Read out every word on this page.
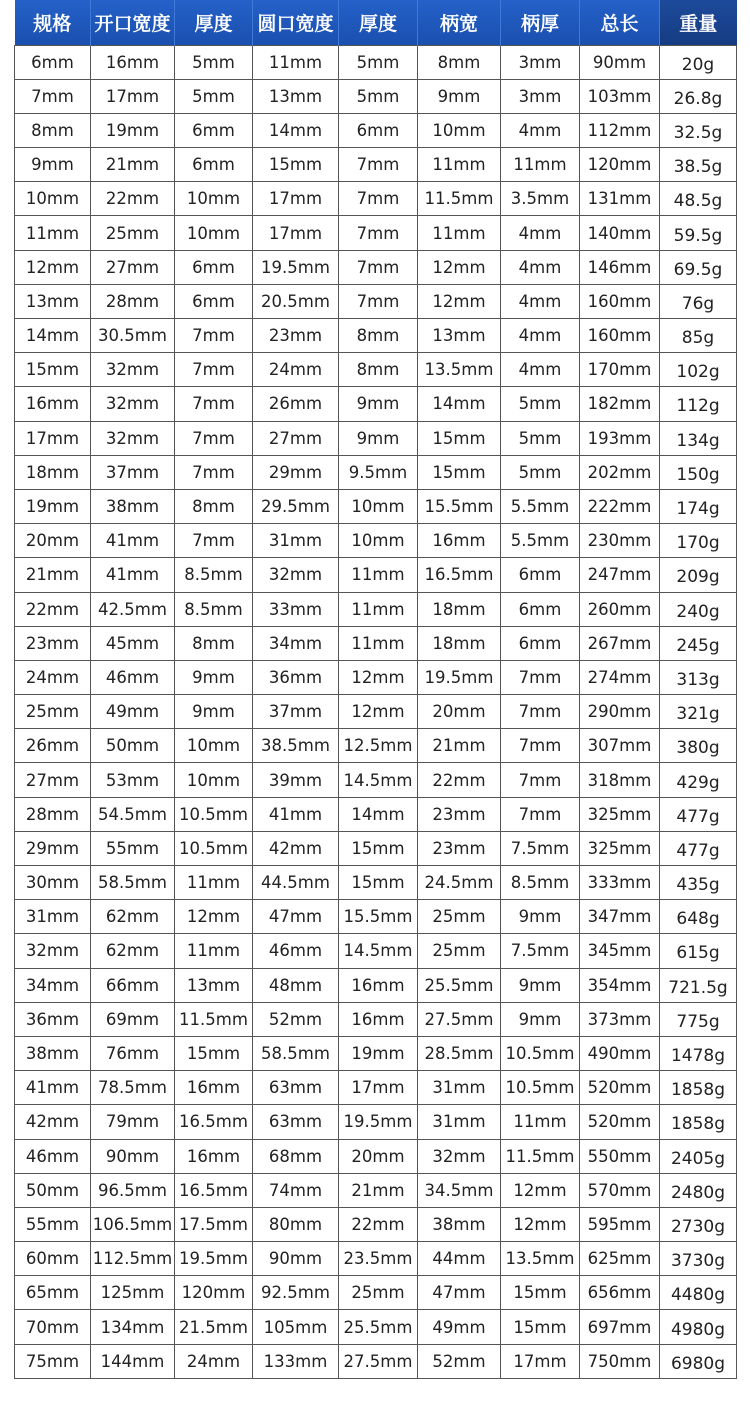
规格	开口宽度	厚度	圆口宽度	厚度	柄宽	柄厚	总长	重量
6mm	16mm	5mm	11mm	5mm	8mm	3mm	90mm	20g
7mm	17mm	5mm	13mm	5mm	9mm	3mm	103mm	26.8g
8mm	19mm	6mm	14mm	6mm	10mm	4mm	112mm	32.5g
9mm	21mm	6mm	15mm	7mm	11mm	11mm	120mm	38.5g
10mm	22mm	10mm	17mm	7mm	11.5mm	3.5mm	131mm	48.5g
11mm	25mm	10mm	17mm	7mm	11mm	4mm	140mm	59.5g
12mm	27mm	6mm	19.5mm	7mm	12mm	4mm	146mm	69.5g
13mm	28mm	6mm	20.5mm	7mm	12mm	4mm	160mm	76g
14mm	30.5mm	7mm	23mm	8mm	13mm	4mm	160mm	85g
15mm	32mm	7mm	24mm	8mm	13.5mm	4mm	170mm	102g
16mm	32mm	7mm	26mm	9mm	14mm	5mm	182mm	112g
17mm	32mm	7mm	27mm	9mm	15mm	5mm	193mm	134g
18mm	37mm	7mm	29mm	9.5mm	15mm	5mm	202mm	150g
19mm	38mm	8mm	29.5mm	10mm	15.5mm	5.5mm	222mm	174g
20mm	41mm	7mm	31mm	10mm	16mm	5.5mm	230mm	170g
21mm	41mm	8.5mm	32mm	11mm	16.5mm	6mm	247mm	209g
22mm	42.5mm	8.5mm	33mm	11mm	18mm	6mm	260mm	240g
23mm	45mm	8mm	34mm	11mm	18mm	6mm	267mm	245g
24mm	46mm	9mm	36mm	12mm	19.5mm	7mm	274mm	313g
25mm	49mm	9mm	37mm	12mm	20mm	7mm	290mm	321g
26mm	50mm	10mm	38.5mm	12.5mm	21mm	7mm	307mm	380g
27mm	53mm	10mm	39mm	14.5mm	22mm	7mm	318mm	429g
28mm	54.5mm	10.5mm	41mm	14mm	23mm	7mm	325mm	477g
29mm	55mm	10.5mm	42mm	15mm	23mm	7.5mm	325mm	477g
30mm	58.5mm	11mm	44.5mm	15mm	24.5mm	8.5mm	333mm	435g
31mm	62mm	12mm	47mm	15.5mm	25mm	9mm	347mm	648g
32mm	62mm	11mm	46mm	14.5mm	25mm	7.5mm	345mm	615g
34mm	66mm	13mm	48mm	16mm	25.5mm	9mm	354mm	721.5g
36mm	69mm	11.5mm	52mm	16mm	27.5mm	9mm	373mm	775g
38mm	76mm	15mm	58.5mm	19mm	28.5mm	10.5mm	490mm	1478g
41mm	78.5mm	16mm	63mm	17mm	31mm	10.5mm	520mm	1858g
42mm	79mm	16.5mm	63mm	19.5mm	31mm	11mm	520mm	1858g
46mm	90mm	16mm	68mm	20mm	32mm	11.5mm	550mm	2405g
50mm	96.5mm	16.5mm	74mm	21mm	34.5mm	12mm	570mm	2480g
55mm	106.5mm	17.5mm	80mm	22mm	38mm	12mm	595mm	2730g
60mm	112.5mm	19.5mm	90mm	23.5mm	44mm	13.5mm	625mm	3730g
65mm	125mm	120mm	92.5mm	25mm	47mm	15mm	656mm	4480g
70mm	134mm	21.5mm	105mm	25.5mm	49mm	15mm	697mm	4980g
75mm	144mm	24mm	133mm	27.5mm	52mm	17mm	750mm	6980g
